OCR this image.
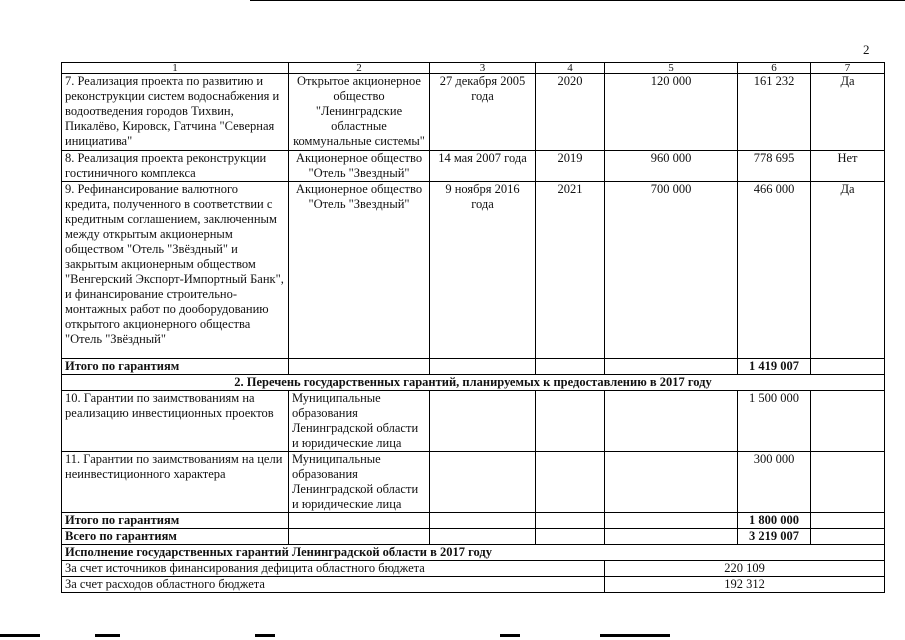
2
1	2	3	4	5	6	7
7. Реализация проекта по развитию и реконструкции систем водоснабжения и водоотведения городов Тихвин, Пикалёво, Кировск, Гатчина "Северная инициатива"	Открытое акционерное общество "Ленинградские областные коммунальные системы"	27 декабря 2005 года	2020	120 000	161 232	Да
8. Реализация проекта реконструкции гостиничного комплекса	Акционерное общество "Отель "Звездный"	14 мая 2007 года	2019	960 000	778 695	Нет
9. Рефинансирование валютного кредита, полученного в соответствии с кредитным соглашением, заключенным между открытым акционерным обществом "Отель "Звёздный" и закрытым акционерным обществом "Венгерский Экспорт-Импортный Банк", и финансирование строительно-монтажных работ по дооборудованию открытого акционерного общества "Отель "Звёздный"	Акционерное общество "Отель "Звездный"	9 ноября 2016 года	2021	700 000	466 000	Да
Итого по гарантиям					1 419 007	
2. Перечень государственных гарантий, планируемых к предоставлению в 2017 году						
10. Гарантии по заимствованиям на реализацию инвестиционных проектов	Муниципальные образования Ленинградской области и юридические лица				1 500 000	
11. Гарантии по заимствованиям на цели неинвестиционного характера	Муниципальные образования Ленинградской области и юридические лица				300 000	
Итого по гарантиям					1 800 000	
Всего по гарантиям					3 219 007	
Исполнение государственных гарантий Ленинградской области в 2017 году						
За счет источников финансирования дефицита областного бюджета				220 109		
За счет расходов областного бюджета				192 312		
